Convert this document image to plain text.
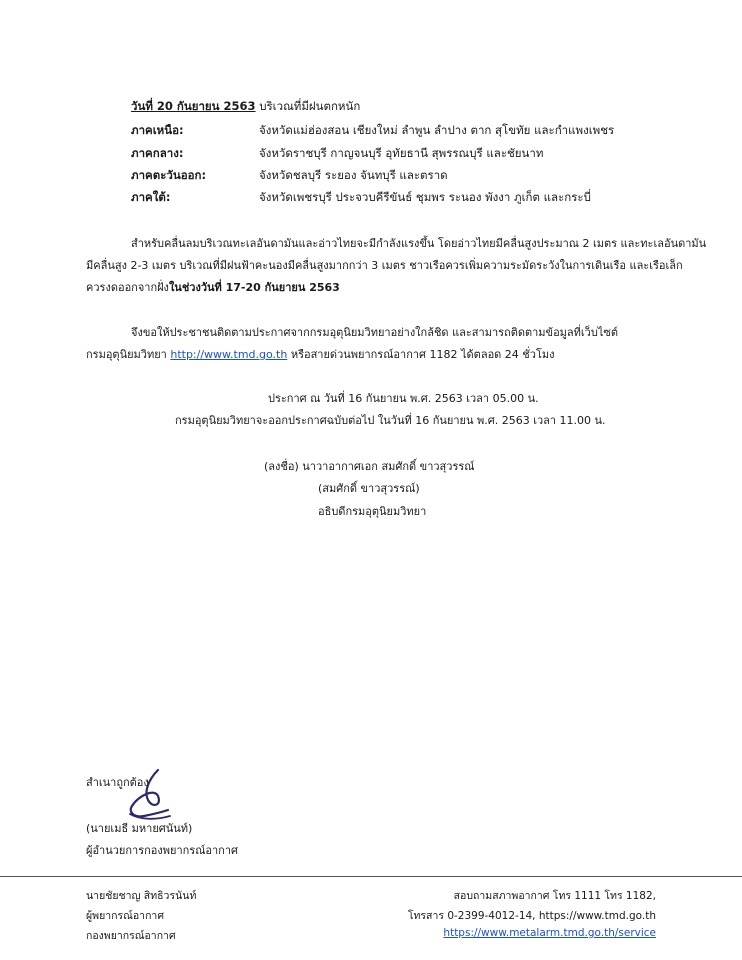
วันที่ 20 กันยายน 2563 บริเวณที่มีฝนตกหนัก
ภาคเหนือ:	จังหวัดแม่ฮ่องสอน เชียงใหม่ ลำพูน ลำปาง ตาก สุโขทัย และกำแพงเพชร
ภาคกลาง:	จังหวัดราชบุรี กาญจนบุรี อุทัยธานี สุพรรณบุรี และชัยนาท
ภาคตะวันออก:	จังหวัดชลบุรี ระยอง จันทบุรี และตราด
ภาคใต้:	จังหวัดเพชรบุรี ประจวบคีรีขันธ์ ชุมพร ระนอง พังงา ภูเก็ต และกระบี่
สำหรับคลื่นลมบริเวณทะเลอันดามันและอ่าวไทยจะมีกำลังแรงขึ้น โดยอ่าวไทยมีคลื่นสูงประมาณ 2 เมตร และทะเลอันดามัน
มีคลื่นสูง 2-3 เมตร บริเวณที่มีฝนฟ้าคะนองมีคลื่นสูงมากกว่า 3 เมตร ชาวเรือควรเพิ่มความระมัดระวังในการเดินเรือ และเรือเล็ก
ควรงดออกจากฝั่งในช่วงวันที่ 17-20 กันยายน 2563
จึงขอให้ประชาชนติดตามประกาศจากกรมอุตุนิยมวิทยาอย่างใกล้ชิด และสามารถติดตามข้อมูลที่เว็บไซต์
กรมอุตุนิยมวิทยา http://www.tmd.go.th หรือสายด่วนพยากรณ์อากาศ 1182 ได้ตลอด 24 ชั่วโมง
ประกาศ ณ วันที่ 16 กันยายน พ.ศ. 2563 เวลา 05.00 น.
กรมอุตุนิยมวิทยาจะออกประกาศฉบับต่อไป ในวันที่ 16 กันยายน พ.ศ. 2563 เวลา 11.00 น.
(ลงชื่อ) นาวาอากาศเอก สมศักดิ์ ขาวสุวรรณ์
(สมศักดิ์ ขาวสุวรรณ์)
อธิบดีกรมอุตุนิยมวิทยา
สำเนาถูกต้อง
(นายเมธี มหายศนันท์)
ผู้อำนวยการกองพยากรณ์อากาศ
นายชัยชาญ สิทธิวรนันท์
ผู้พยากรณ์อากาศ
กองพยากรณ์อากาศ
สอบถามสภาพอากาศ โทร 1111 โทร 1182,
โทรสาร 0-2399-4012-14, https://www.tmd.go.th
https://www.metalarm.tmd.go.th/service
